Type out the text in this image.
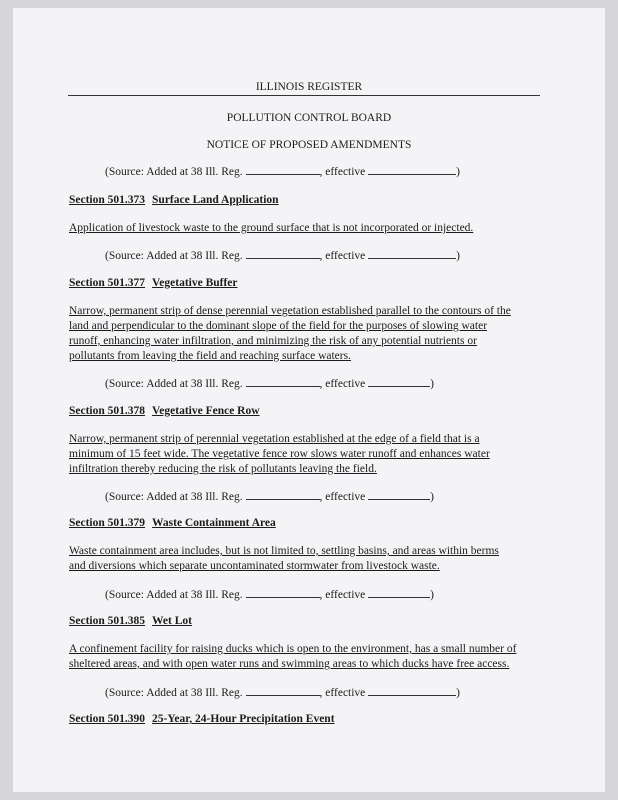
ILLINOIS REGISTER
POLLUTION CONTROL BOARD
NOTICE OF PROPOSED AMENDMENTS
(Source: Added at 38 Ill. Reg.	, effective	)
Section 501.373 Surface Land Application
Application of livestock waste to the ground surface that is not incorporated or injected.
(Source: Added at 38 Ill. Reg.	, effective	)
Section 501.377 Vegetative Buffer
Narrow, permanent strip of dense perennial vegetation established parallel to the contours of the
land and perpendicular to the dominant slope of the field for the purposes of slowing water
runoff, enhancing water infiltration, and minimizing the risk of any potential nutrients or
pollutants from leaving the field and reaching surface waters.
(Source: Added at 38 Ill. Reg.	, effective	)
Section 501.378 Vegetative Fence Row
Narrow, permanent strip of perennial vegetation established at the edge of a field that is a
minimum of 15 feet wide. The vegetative fence row slows water runoff and enhances water
infiltration thereby reducing the risk of pollutants leaving the field.
(Source: Added at 38 Ill. Reg.	, effective	)
Section 501.379 Waste Containment Area
Waste containment area includes, but is not limited to, settling basins, and areas within berms
and diversions which separate uncontaminated stormwater from livestock waste.
(Source: Added at 38 Ill. Reg.	, effective	)
Section 501.385 Wet Lot
A confinement facility for raising ducks which is open to the environment, has a small number of
sheltered areas, and with open water runs and swimming areas to which ducks have free access.
(Source: Added at 38 Ill. Reg.	, effective	)
Section 501.390 25-Year, 24-Hour Precipitation Event
